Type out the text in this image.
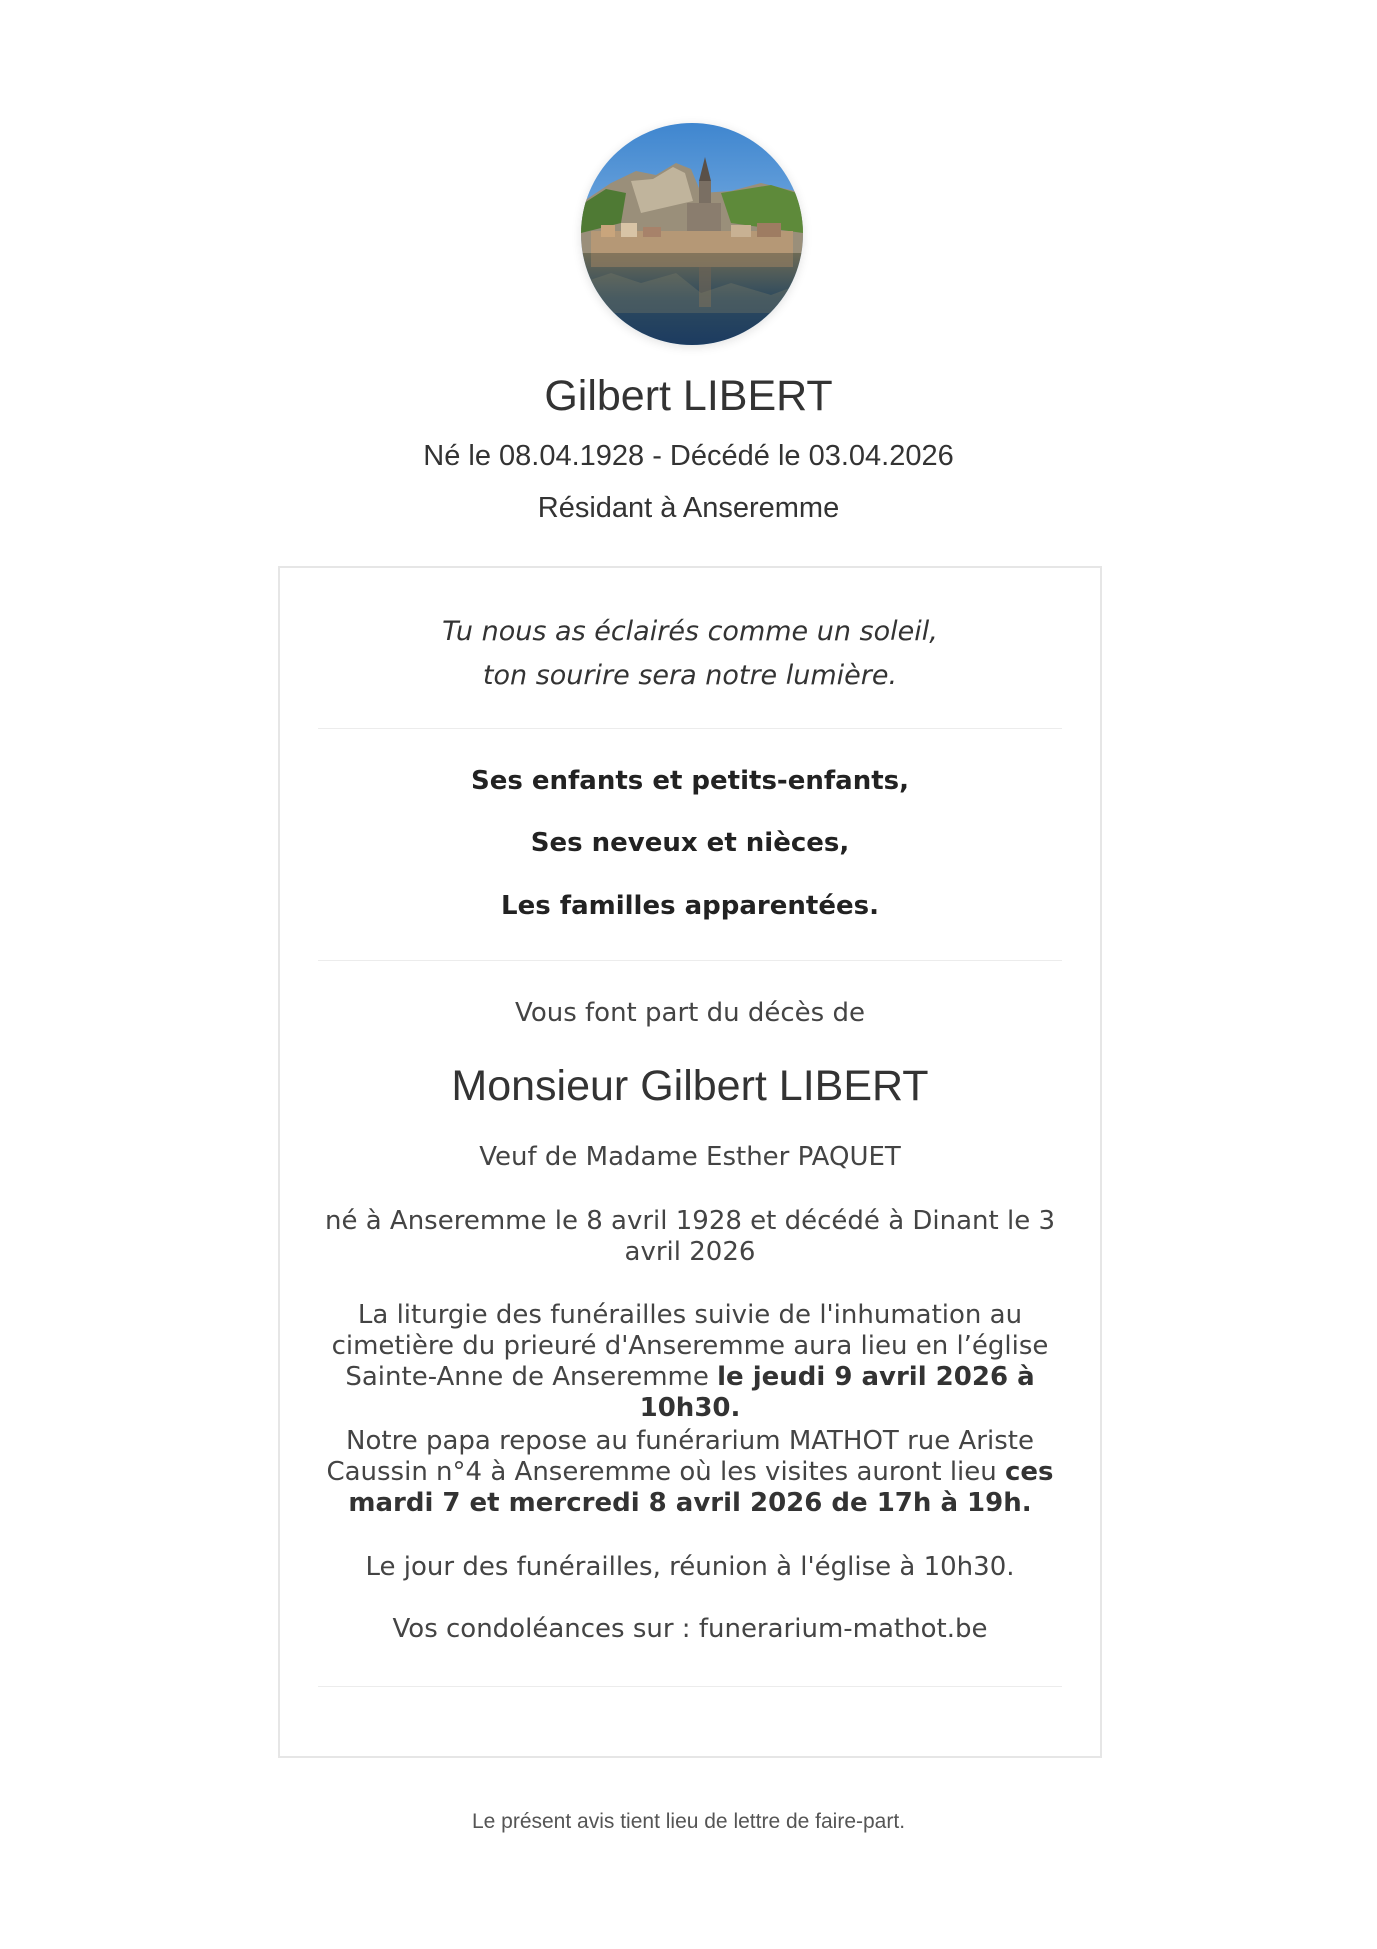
Gilbert LIBERT
Né le 08.04.1928 - Décédé le 03.04.2026
Résidant à Anseremme
Tu nous as éclairés comme un soleil,
ton sourire sera notre lumière.
Ses enfants et petits-enfants,
Ses neveux et nièces,
Les familles apparentées.
Vous font part du décès de
Monsieur Gilbert LIBERT
Veuf de Madame Esther PAQUET
né à Anseremme le 8 avril 1928 et décédé à Dinant le 3 avril 2026
La liturgie des funérailles suivie de l'inhumation au cimetière du prieuré d'Anseremme aura lieu en l’église Sainte-Anne de Anseremme le jeudi 9 avril 2026 à 10h30.
Notre papa repose au funérarium MATHOT rue Ariste Caussin n°4 à Anseremme où les visites auront lieu ces mardi 7 et mercredi 8 avril 2026 de 17h à 19h.
Le jour des funérailles, réunion à l'église à 10h30.
Vos condoléances sur : funerarium-mathot.be
Le présent avis tient lieu de lettre de faire-part.
